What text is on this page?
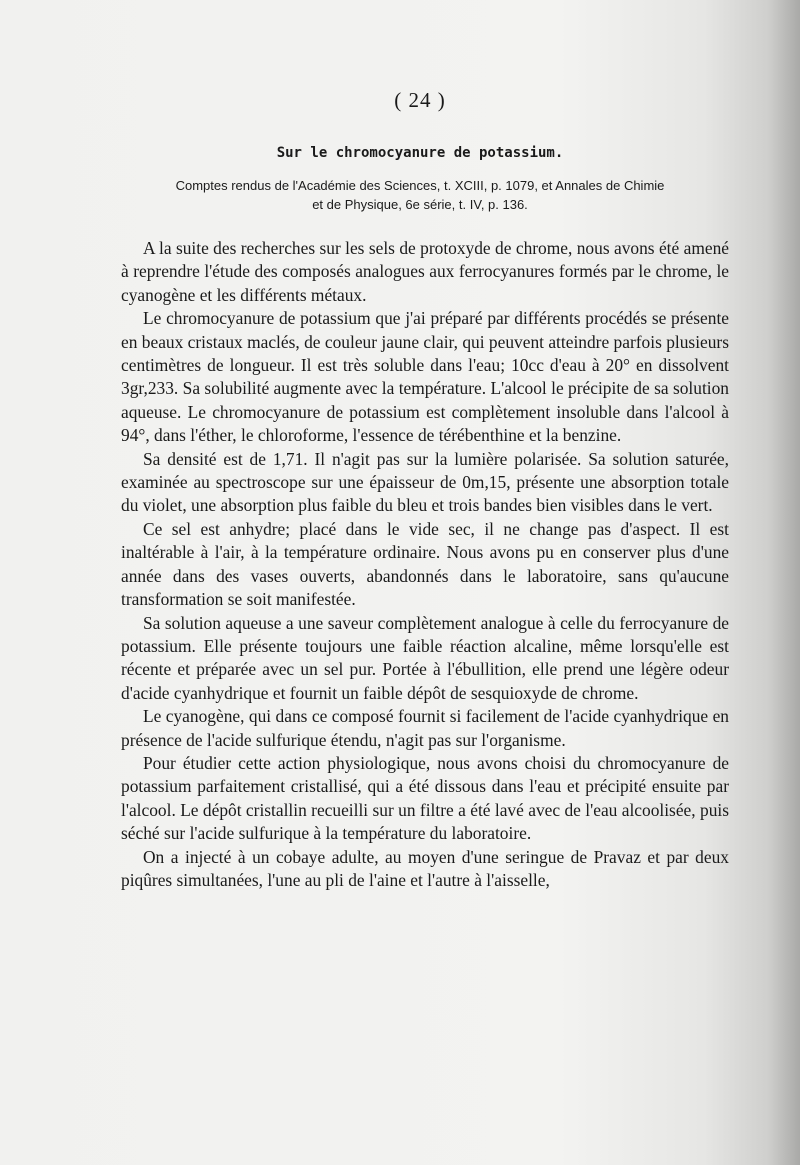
( 24 )
Sur le chromocyanure de potassium.
Comptes rendus de l'Académie des Sciences, t. XCIII, p. 1079, et Annales de Chimie
et de Physique, 6e série, t. IV, p. 136.

A la suite des recherches sur les sels de protoxyde de chrome, nous avons été amené à reprendre l'étude des composés analogues aux ferrocyanures formés par le chrome, le cyanogène et les différents métaux.

Le chromocyanure de potassium que j'ai préparé par différents procédés se présente en beaux cristaux maclés, de couleur jaune clair, qui peuvent atteindre parfois plusieurs centimètres de longueur. Il est très soluble dans l'eau; 10cc d'eau à 20° en dissolvent 3gr,233. Sa solubilité augmente avec la température. L'alcool le précipite de sa solution aqueuse. Le chromocyanure de potassium est complètement insoluble dans l'alcool à 94°, dans l'éther, le chloroforme, l'essence de térébenthine et la benzine.

Sa densité est de 1,71. Il n'agit pas sur la lumière polarisée. Sa solution saturée, examinée au spectroscope sur une épaisseur de 0m,15, présente une absorption totale du violet, une absorption plus faible du bleu et trois bandes bien visibles dans le vert.

Ce sel est anhydre; placé dans le vide sec, il ne change pas d'aspect. Il est inaltérable à l'air, à la température ordinaire. Nous avons pu en conserver plus d'une année dans des vases ouverts, abandonnés dans le laboratoire, sans qu'aucune transformation se soit manifestée.

Sa solution aqueuse a une saveur complètement analogue à celle du ferrocyanure de potassium. Elle présente toujours une faible réaction alcaline, même lorsqu'elle est récente et préparée avec un sel pur. Portée à l'ébullition, elle prend une légère odeur d'acide cyanhydrique et fournit un faible dépôt de sesquioxyde de chrome.

Le cyanogène, qui dans ce composé fournit si facilement de l'acide cyanhydrique en présence de l'acide sulfurique étendu, n'agit pas sur l'organisme.

Pour étudier cette action physiologique, nous avons choisi du chromocyanure de potassium parfaitement cristallisé, qui a été dissous dans l'eau et précipité ensuite par l'alcool. Le dépôt cristallin recueilli sur un filtre a été lavé avec de l'eau alcoolisée, puis séché sur l'acide sulfurique à la température du laboratoire.

On a injecté à un cobaye adulte, au moyen d'une seringue de Pravaz et par deux piqûres simultanées, l'une au pli de l'aine et l'autre à l'aisselle,
